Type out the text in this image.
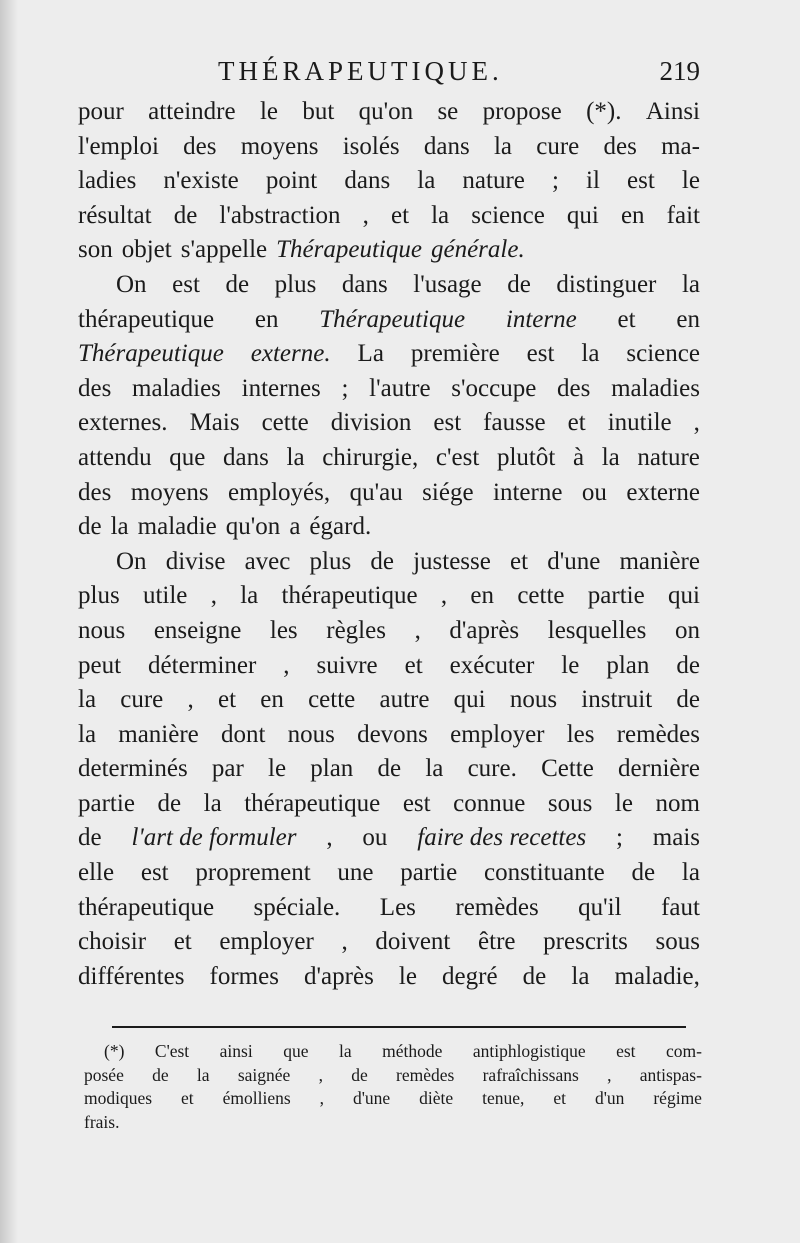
THÉRAPEUTIQUE.	219
pour atteindre le but qu'on se propose (*). Ainsi
l'emploi des moyens isolés dans la cure des ma-
ladies n'existe point dans la nature ; il est le
résultat de l'abstraction , et la science qui en fait
son objet s'appelle Thérapeutique générale.
On est de plus dans l'usage de distinguer la
thérapeutique en Thérapeutique interne et en
Thérapeutique externe. La première est la science
des maladies internes ; l'autre s'occupe des maladies
externes. Mais cette division est fausse et inutile ,
attendu que dans la chirurgie, c'est plutôt à la nature
des moyens employés, qu'au siége interne ou externe
de la maladie qu'on a égard.
On divise avec plus de justesse et d'une manière
plus utile , la thérapeutique , en cette partie qui
nous enseigne les règles , d'après lesquelles on
peut déterminer , suivre et exécuter le plan de
la cure , et en cette autre qui nous instruit de
la manière dont nous devons employer les remèdes
determinés par le plan de la cure. Cette dernière
partie de la thérapeutique est connue sous le nom
de l'art de formuler , ou faire des recettes ; mais
elle est proprement une partie constituante de la
thérapeutique spéciale. Les remèdes qu'il faut
choisir et employer , doivent être prescrits sous
différentes formes d'après le degré de la maladie,
(*) C'est ainsi que la méthode antiphlogistique est com-
posée de la saignée , de remèdes rafraîchissans , antispas-
modiques et émolliens , d'une diète tenue, et d'un régime
frais.
